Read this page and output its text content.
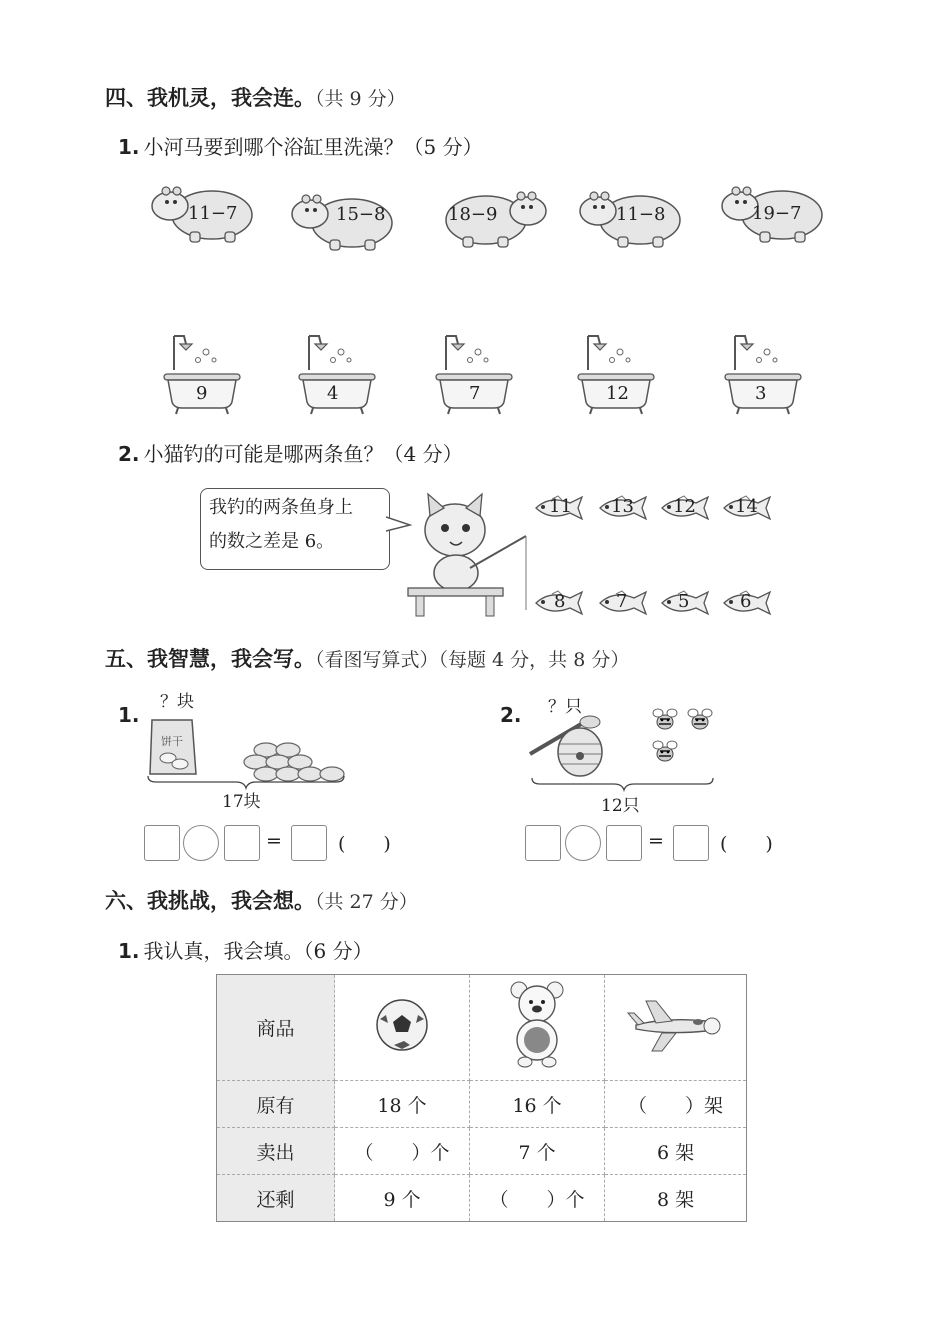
四、我机灵，我会连。（共 9 分）
1. 小河马要到哪个浴缸里洗澡？（5 分）
11−7	15−8	18−9	11−8	19−7
9	4	7	12	3
2. 小猫钓的可能是哪两条鱼？（4 分）
我钓的两条鱼身上
的数之差是 6。
11 13 12 14
8	7	5	6
五、我智慧，我会写。（看图写算式）（每题 4 分，共 8 分）
1.
？块
饼干
17块
=	(　　)
2. ？只
12只
=	(　　)
六、我挑战，我会想。（共 27 分）
1. 我认真，我会填。（6 分）
商品			
原有	18 个	16 个	（　　）架
卖出	（　　）个	7 个	6 架
还剩	9 个	（　　）个	8 架
